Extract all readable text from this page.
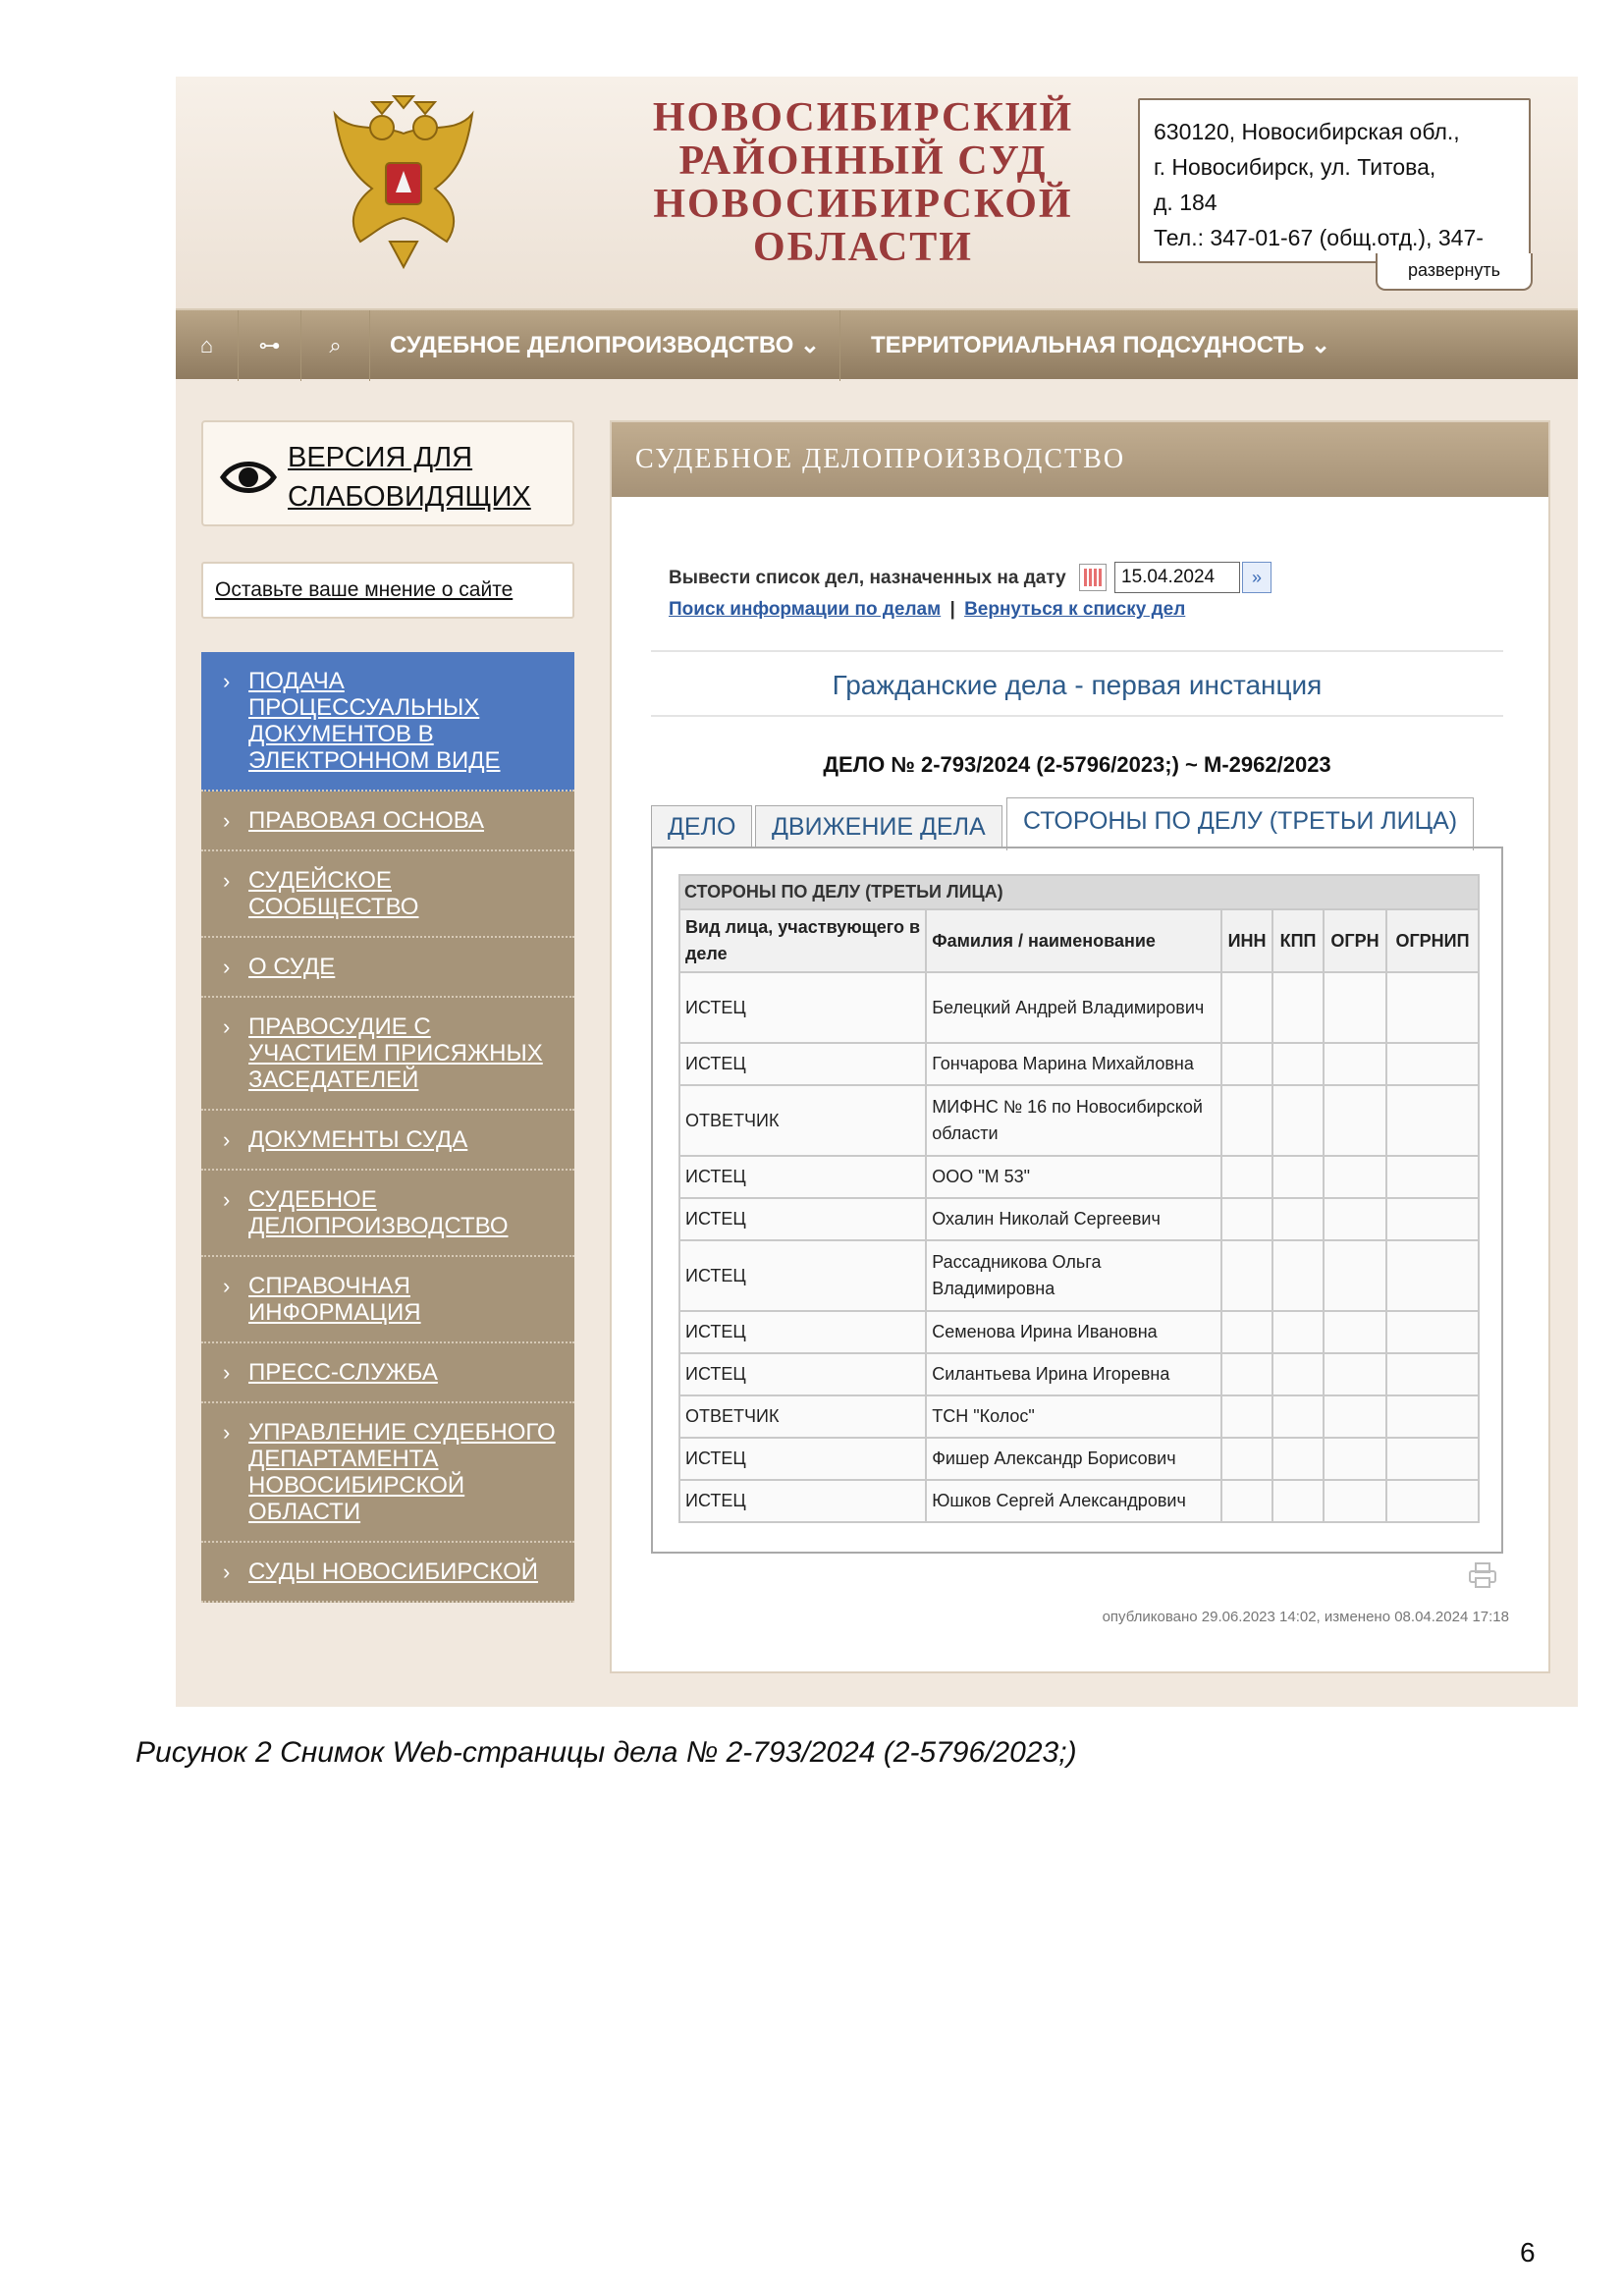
НОВОСИБИРСКИЙ
РАЙОННЫЙ СУД
НОВОСИБИРСКОЙ
ОБЛАСТИ
630120, Новосибирская обл.,
г. Новосибирск, ул. Титова,
д. 184
Тел.: 347-01-67 (общ.отд.), 347-
развернуть
⌂	⊶	⌕	СУДЕБНОЕ ДЕЛОПРОИЗВОДСТВО ⌄	ТЕРРИТОРИАЛЬНАЯ ПОДСУДНОСТЬ ⌄
ВЕРСИЯ ДЛЯ СЛАБОВИДЯЩИХ
Оставьте ваше мнение о сайте
› ПОДАЧА ПРОЦЕССУАЛЬНЫХ ДОКУМЕНТОВ В ЭЛЕКТРОННОМ ВИДЕ
› ПРАВОВАЯ ОСНОВА
› СУДЕЙСКОЕ СООБЩЕСТВО
› О СУДЕ
› ПРАВОСУДИЕ С УЧАСТИЕМ ПРИСЯЖНЫХ ЗАСЕДАТЕЛЕЙ
› ДОКУМЕНТЫ СУДА
› СУДЕБНОЕ ДЕЛОПРОИЗВОДСТВО
› СПРАВОЧНАЯ ИНФОРМАЦИЯ
› ПРЕСС-СЛУЖБА
› УПРАВЛЕНИЕ СУДЕБНОГО ДЕПАРТАМЕНТА НОВОСИБИРСКОЙ ОБЛАСТИ
› СУДЫ НОВОСИБИРСКОЙ
СУДЕБНОЕ ДЕЛОПРОИЗВОДСТВО
Вывести список дел, назначенных на дату	15.04.2024	»
Поиск информации по делам | Вернуться к списку дел
Гражданские дела - первая инстанция
ДЕЛО № 2-793/2024 (2-5796/2023;) ~ М-2962/2023
ДЕЛО	ДВИЖЕНИЕ ДЕЛА	СТОРОНЫ ПО ДЕЛУ (ТРЕТЬИ ЛИЦА)
СТОРОНЫ ПО ДЕЛУ (ТРЕТЬИ ЛИЦА)					
Вид лица, участвующего в деле	Фамилия / наименование	ИНН	КПП	ОГРН	ОГРНИП
ИСТЕЦ	Белецкий Андрей Владимирович				
ИСТЕЦ	Гончарова Марина Михайловна				
ОТВЕТЧИК	МИФНС № 16 по Новосибирской области				
ИСТЕЦ	ООО "М 53"				
ИСТЕЦ	Охалин Николай Сергеевич				
ИСТЕЦ	Рассадникова Ольга Владимировна				
ИСТЕЦ	Семенова Ирина Ивановна				
ИСТЕЦ	Силантьева Ирина Игоревна				
ОТВЕТЧИК	ТСН "Колос"				
ИСТЕЦ	Фишер Александр Борисович				
ИСТЕЦ	Юшков Сергей Александрович				
опубликовано 29.06.2023 14:02, изменено 08.04.2024 17:18
Рисунок 2 Снимок Web-страницы дела № 2-793/2024 (2-5796/2023;)
6
